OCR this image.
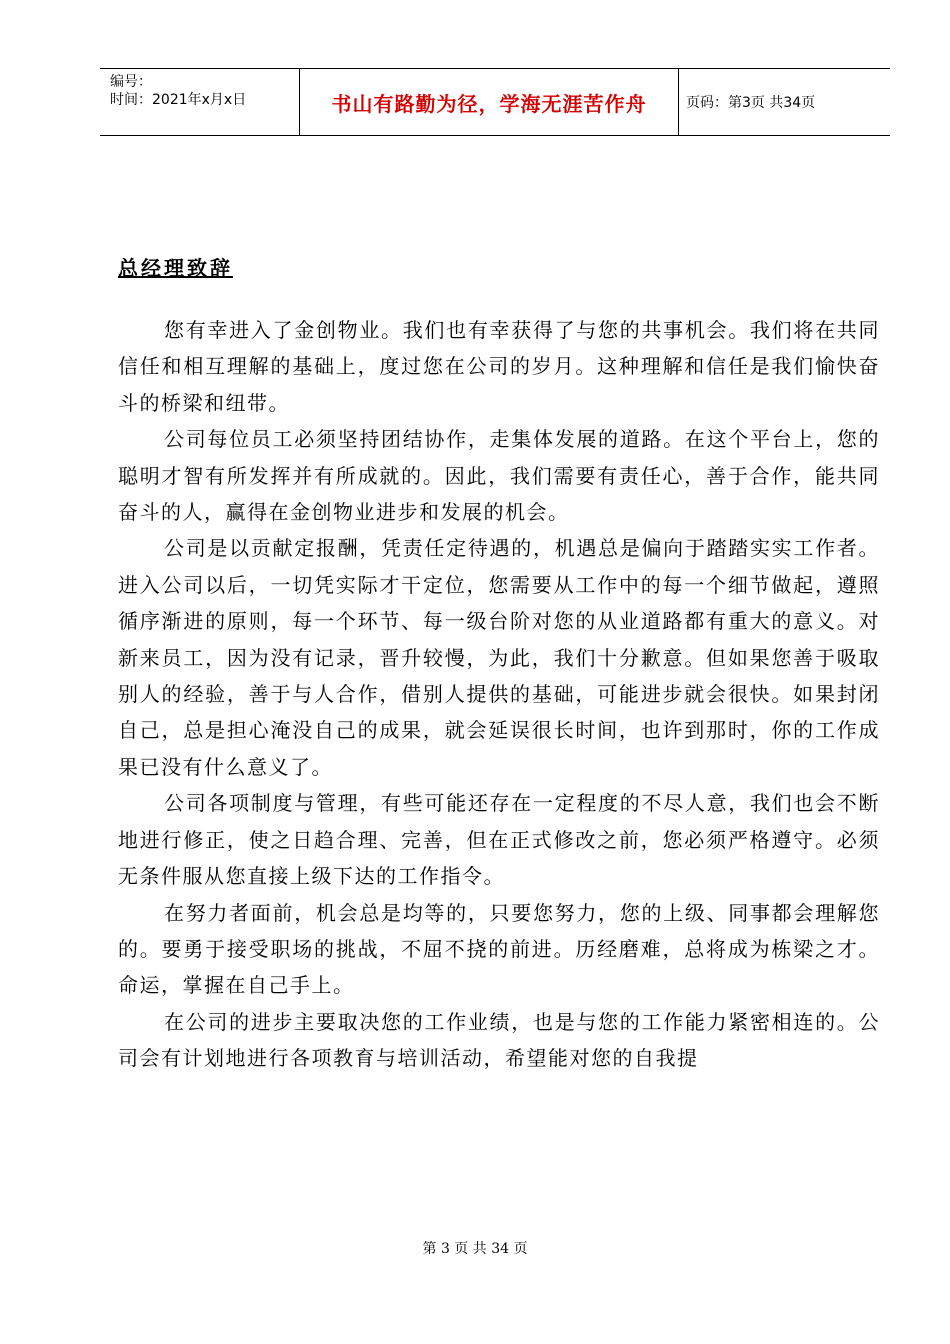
编号：
时间：2021年x月x日	书山有路勤为径，学海无涯苦作舟	页码：第3页 共34页
总经理致辞

您有幸进入了金创物业。我们也有幸获得了与您的共事机会。我们将在共同信任和相互理解的基础上，度过您在公司的岁月。这种理解和信任是我们愉快奋斗的桥梁和纽带。

公司每位员工必须坚持团结协作，走集体发展的道路。在这个平台上，您的聪明才智有所发挥并有所成就的。因此，我们需要有责任心，善于合作，能共同奋斗的人，赢得在金创物业进步和发展的机会。

公司是以贡献定报酬，凭责任定待遇的，机遇总是偏向于踏踏实实工作者。进入公司以后，一切凭实际才干定位，您需要从工作中的每一个细节做起，遵照循序渐进的原则，每一个环节、每一级台阶对您的从业道路都有重大的意义。对新来员工，因为没有记录，晋升较慢，为此，我们十分歉意。但如果您善于吸取别人的经验，善于与人合作，借别人提供的基础，可能进步就会很快。如果封闭自己，总是担心淹没自己的成果，就会延误很长时间，也许到那时，你的工作成果已没有什么意义了。

公司各项制度与管理，有些可能还存在一定程度的不尽人意，我们也会不断地进行修正，使之日趋合理、完善，但在正式修改之前，您必须严格遵守。必须无条件服从您直接上级下达的工作指令。

在努力者面前，机会总是均等的，只要您努力，您的上级、同事都会理解您的。要勇于接受职场的挑战，不屈不挠的前进。历经磨难，总将成为栋梁之才。命运，掌握在自己手上。

在公司的进步主要取决您的工作业绩，也是与您的工作能力紧密相连的。公司会有计划地进行各项教育与培训活动，希望能对您的自我提

第 3 页 共 34 页
